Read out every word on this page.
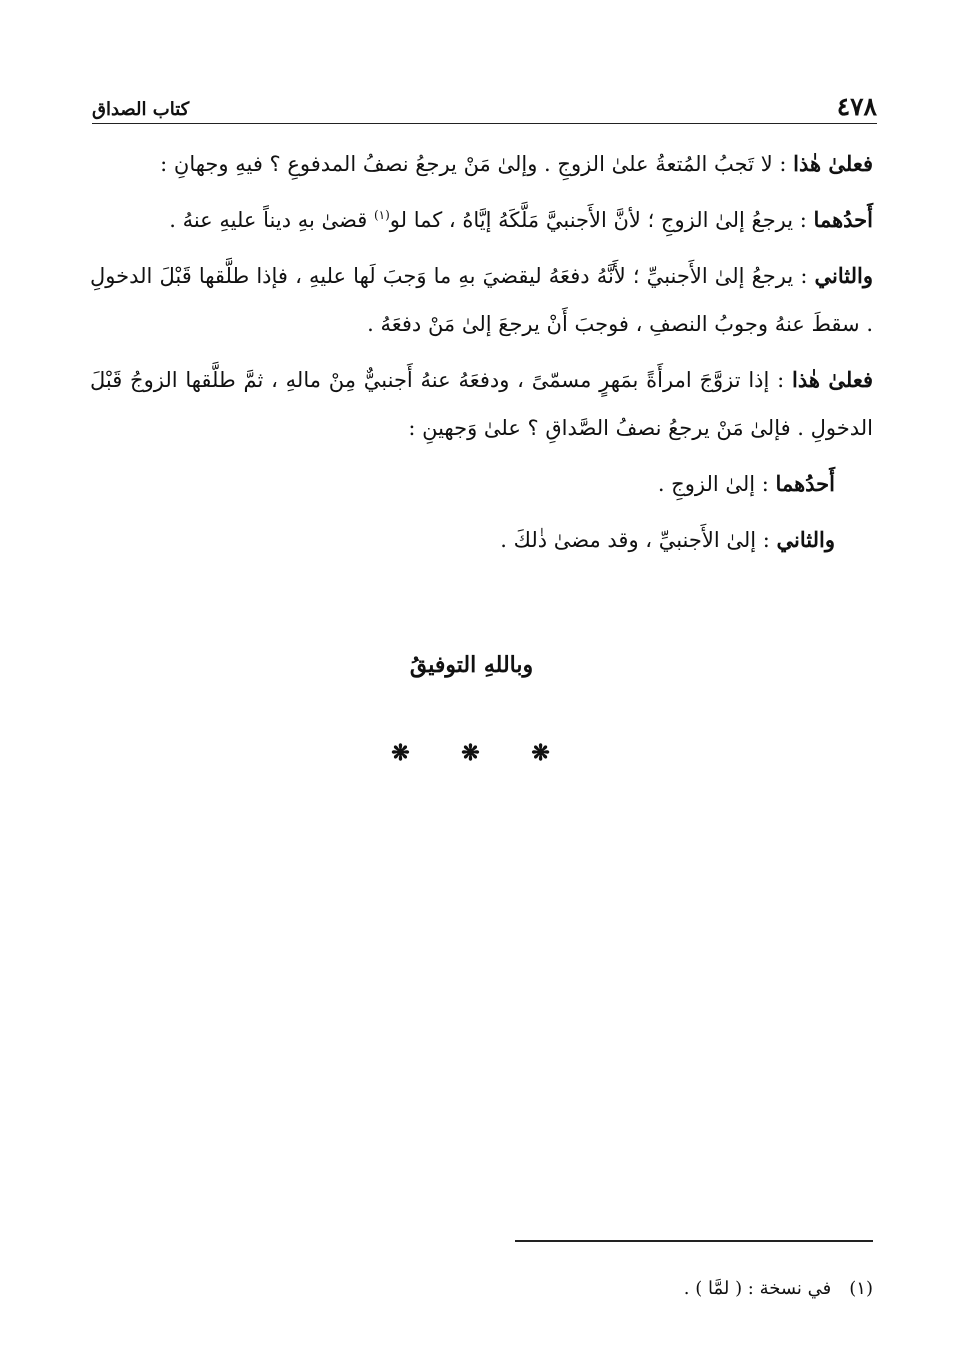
٤٧٨
كتاب الصداق

فعلىٰ هٰذا : لا تَجبُ المُتعةُ علىٰ الزوجِ . وإلىٰ مَنْ يرجعُ نصفُ المدفوعِ ؟ فيهِ وجهانِ :

أَحدُهما : يرجعُ إلىٰ الزوجِ ؛ لأنَّ الأَجنبيَّ مَلَّكَهُ إيَّاهُ ، كما لو$^{(١)}$ قضىٰ بهِ ديناً عليهِ عنهُ .

والثاني : يرجعُ إلىٰ الأَجنبيِّ ؛ لأَنَّهُ دفعَهُ ليقضيَ بهِ ما وَجبَ لَها عليهِ ، فإذا طلَّقها قَبْلَ الدخولِ . سقطَ عنهُ وجوبُ النصفِ ، فوجبَ أَنْ يرجعَ إلىٰ مَنْ دفعَهُ .

فعلىٰ هٰذا : إذا تزوَّجَ امرأَةً بمَهرٍ مسمّىً ، ودفعَهُ عنهُ أَجنبيٌّ مِنْ مالهِ ، ثمَّ طلَّقها الزوجُ قَبْلَ الدخولِ . فإلىٰ مَنْ يرجعُ نصفُ الصَّداقِ ؟ علىٰ وَجهينِ :

أَحدُهما : إلىٰ الزوجِ .

والثاني : إلىٰ الأَجنبيِّ ، وقد مضىٰ ذٰلكَ .

وباللهِ التوفيقُ
❋ ❋ ❋
(١)في نسخة : ( لمَّا ) .
